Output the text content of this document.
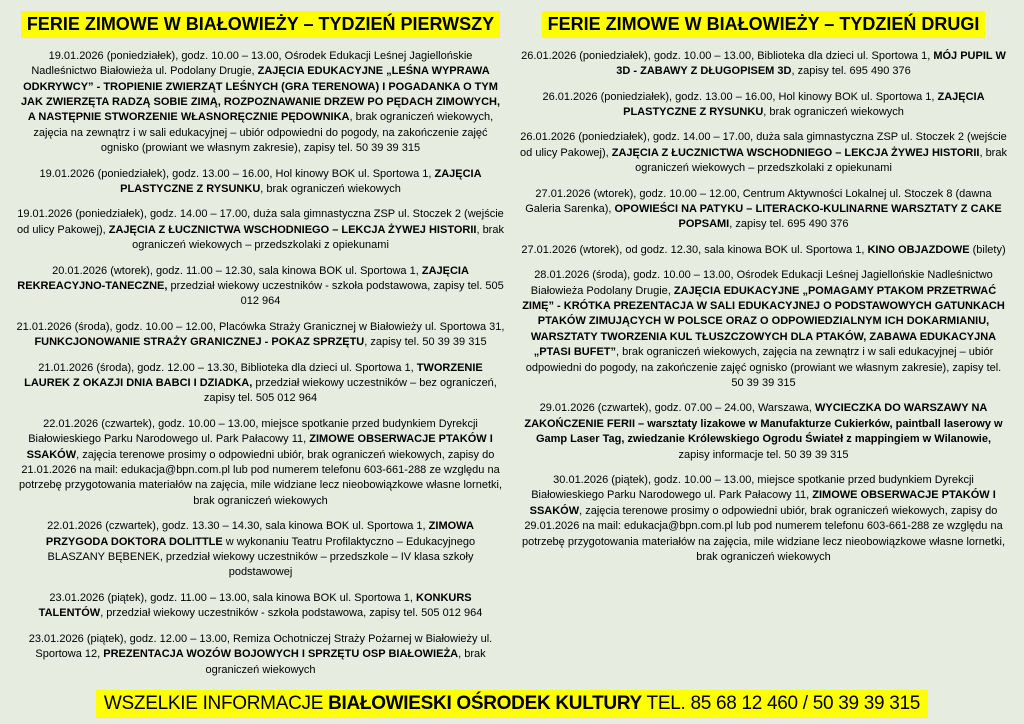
FERIE ZIMOWE W BIAŁOWIEŻY – TYDZIEŃ PIERWSZY

19.01.2026 (poniedziałek), godz. 10.00 – 13.00, Ośrodek Edukacji Leśnej Jagiellońskie Nadleśnictwo Białowieża ul. Podolany Drugie, ZAJĘCIA EDUKACYJNE „LEŚNA WYPRAWA ODKRYWCY” - TROPIENIE ZWIERZĄT LEŚNYCH (GRA TERENOWA) I POGADANKA O TYM JAK ZWIERZĘTA RADZĄ SOBIE ZIMĄ, ROZPOZNAWANIE DRZEW PO PĘDACH ZIMOWYCH, A NASTĘPNIE STWORZENIE WŁASNORĘCZNIE PĘDOWNIKA, brak ograniczeń wiekowych, zajęcia na zewnątrz i w sali edukacyjnej – ubiór odpowiedni do pogody, na zakończenie zajęć ognisko (prowiant we własnym zakresie), zapisy tel. 50 39 39 315

19.01.2026 (poniedziałek), godz. 13.00 – 16.00, Hol kinowy BOK ul. Sportowa 1, ZAJĘCIA PLASTYCZNE Z RYSUNKU, brak ograniczeń wiekowych

19.01.2026 (poniedziałek), godz. 14.00 – 17.00, duża sala gimnastyczna ZSP ul. Stoczek 2 (wejście od ulicy Pakowej), ZAJĘCIA Z ŁUCZNICTWA WSCHODNIEGO – LEKCJA ŻYWEJ HISTORII, brak ograniczeń wiekowych – przedszkolaki z opiekunami

20.01.2026 (wtorek), godz. 11.00 – 12.30, sala kinowa BOK ul. Sportowa 1, ZAJĘCIA REKREACYJNO-TANECZNE, przedział wiekowy uczestników - szkoła podstawowa, zapisy tel. 505 012 964

21.01.2026 (środa), godz. 10.00 – 12.00, Placówka Straży Granicznej w Białowieży ul. Sportowa 31, FUNKCJONOWANIE STRAŻY GRANICZNEJ - POKAZ SPRZĘTU, zapisy tel. 50 39 39 315

21.01.2026 (środa), godz. 12.00 – 13.30, Biblioteka dla dzieci ul. Sportowa 1, TWORZENIE LAUREK Z OKAZJI DNIA BABCI I DZIADKA, przedział wiekowy uczestników – bez ograniczeń, zapisy tel. 505 012 964

22.01.2026 (czwartek), godz. 10.00 – 13.00, miejsce spotkanie przed budynkiem Dyrekcji Białowieskiego Parku Narodowego ul. Park Pałacowy 11, ZIMOWE OBSERWACJE PTAKÓW I SSAKÓW, zajęcia terenowe prosimy o odpowiedni ubiór, brak ograniczeń wiekowych, zapisy do 21.01.2026 na mail: edukacja@bpn.com.pl lub pod numerem telefonu 603-661-288 ze względu na potrzebę przygotowania materiałów na zajęcia, mile widziane lecz nieobowiązkowe własne lornetki, brak ograniczeń wiekowych

22.01.2026 (czwartek), godz. 13.30 – 14.30, sala kinowa BOK ul. Sportowa 1, ZIMOWA PRZYGODA DOKTORA DOLITTLE w wykonaniu Teatru Profilaktyczno – Edukacyjnego BLASZANY BĘBENEK, przedział wiekowy uczestników – przedszkole – IV klasa szkoły podstawowej

23.01.2026 (piątek), godz. 11.00 – 13.00, sala kinowa BOK ul. Sportowa 1, KONKURS TALENTÓW, przedział wiekowy uczestników - szkoła podstawowa, zapisy tel. 505 012 964

23.01.2026 (piątek), godz. 12.00 – 13.00, Remiza Ochotniczej Straży Pożarnej w Białowieży ul. Sportowa 12, PREZENTACJA WOZÓW BOJOWYCH I SPRZĘTU OSP BIAŁOWIEŻA, brak ograniczeń wiekowych

FERIE ZIMOWE W BIAŁOWIEŻY – TYDZIEŃ DRUGI

26.01.2026 (poniedziałek), godz. 10.00 – 13.00, Biblioteka dla dzieci ul. Sportowa 1, MÓJ PUPIL W 3D - ZABAWY Z DŁUGOPISEM 3D, zapisy tel. 695 490 376

26.01.2026 (poniedziałek), godz. 13.00 – 16.00, Hol kinowy BOK ul. Sportowa 1, ZAJĘCIA PLASTYCZNE Z RYSUNKU, brak ograniczeń wiekowych

26.01.2026 (poniedziałek), godz. 14.00 – 17.00, duża sala gimnastyczna ZSP ul. Stoczek 2 (wejście od ulicy Pakowej), ZAJĘCIA Z ŁUCZNICTWA WSCHODNIEGO – LEKCJA ŻYWEJ HISTORII, brak ograniczeń wiekowych – przedszkolaki z opiekunami

27.01.2026 (wtorek), godz. 10.00 – 12.00, Centrum Aktywności Lokalnej ul. Stoczek 8 (dawna Galeria Sarenka), OPOWIEŚCI NA PATYKU – LITERACKO-KULINARNE WARSZTATY Z CAKE POPSAMI, zapisy tel. 695 490 376

27.01.2026 (wtorek), od godz. 12.30, sala kinowa BOK ul. Sportowa 1, KINO OBJAZDOWE (bilety)

28.01.2026 (środa), godz. 10.00 – 13.00, Ośrodek Edukacji Leśnej Jagiellońskie Nadleśnictwo Białowieża Podolany Drugie, ZAJĘCIA EDUKACYJNE „POMAGAMY PTAKOM PRZETRWAĆ ZIMĘ” - KRÓTKA PREZENTACJA W SALI EDUKACYJNEJ O PODSTAWOWYCH GATUNKACH PTAKÓW ZIMUJĄCYCH W POLSCE ORAZ O ODPOWIEDZIALNYM ICH DOKARMIANIU, WARSZTATY TWORZENIA KUL TŁUSZCZOWYCH DLA PTAKÓW, ZABAWA EDUKACYJNA „PTASI BUFET”, brak ograniczeń wiekowych, zajęcia na zewnątrz i w sali edukacyjnej – ubiór odpowiedni do pogody, na zakończenie zajęć ognisko (prowiant we własnym zakresie), zapisy tel. 50 39 39 315

29.01.2026 (czwartek), godz. 07.00 – 24.00, Warszawa, WYCIECZKA DO WARSZAWY NA ZAKOŃCZENIE FERII – warsztaty lizakowe w Manufakturze Cukierków, paintball laserowy w Gamp Laser Tag, zwiedzanie Królewskiego Ogrodu Świateł z mappingiem w Wilanowie, zapisy informacje tel. 50 39 39 315

30.01.2026 (piątek), godz. 10.00 – 13.00, miejsce spotkanie przed budynkiem Dyrekcji Białowieskiego Parku Narodowego ul. Park Pałacowy 11, ZIMOWE OBSERWACJE PTAKÓW I SSAKÓW, zajęcia terenowe prosimy o odpowiedni ubiór, brak ograniczeń wiekowych, zapisy do 29.01.2026 na mail: edukacja@bpn.com.pl lub pod numerem telefonu 603-661-288 ze względu na potrzebę przygotowania materiałów na zajęcia, mile widziane lecz nieobowiązkowe własne lornetki, brak ograniczeń wiekowych

WSZELKIE INFORMACJE BIAŁOWIESKI OŚRODEK KULTURY TEL. 85 68 12 460 / 50 39 39 315
